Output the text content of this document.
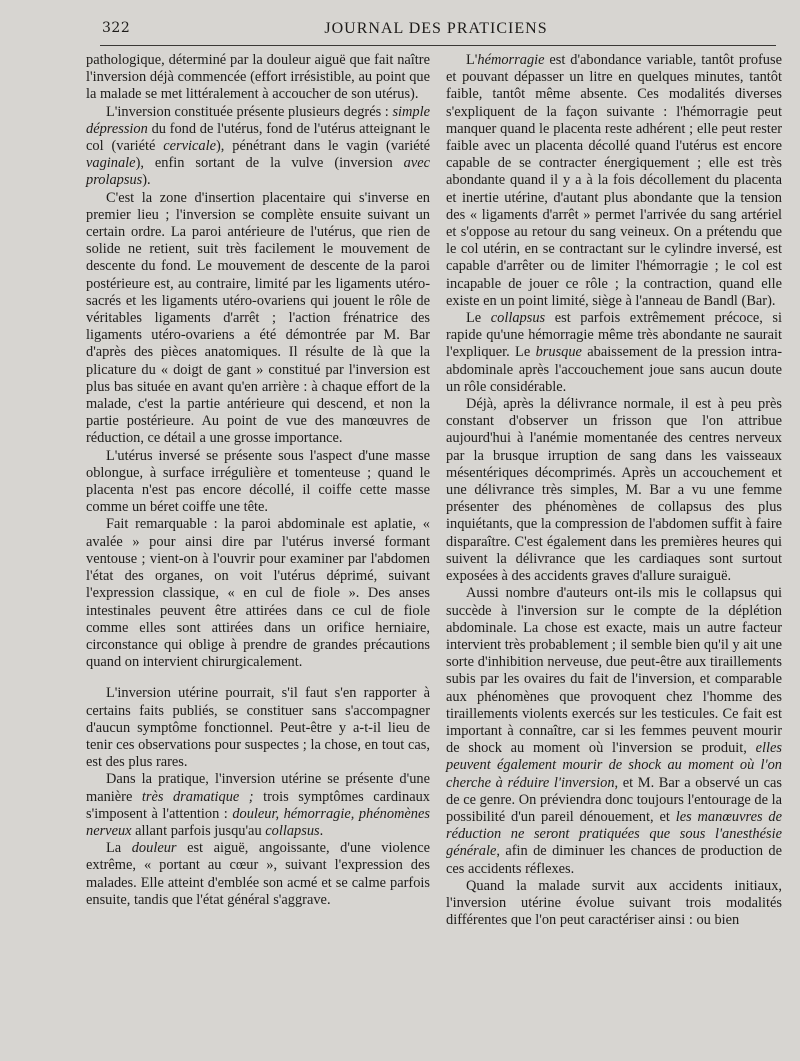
322	JOURNAL DES PRATICIENS

pathologique, déterminé par la douleur aiguë que fait naître l'inversion déjà commencée (effort irrésistible, au point que la malade se met littéralement à accoucher de son utérus).

L'inversion constituée présente plusieurs degrés : simple dépression du fond de l'utérus, fond de l'utérus atteignant le col (variété cervicale), pénétrant dans le vagin (variété vaginale), enfin sortant de la vulve (inversion avec prolapsus).

C'est la zone d'insertion placentaire qui s'inverse en premier lieu ; l'inversion se complète ensuite suivant un certain ordre. La paroi antérieure de l'utérus, que rien de solide ne retient, suit très facilement le mouvement de descente du fond. Le mouvement de descente de la paroi postérieure est, au contraire, limité par les ligaments utéro-sacrés et les ligaments utéro-ovariens qui jouent le rôle de véritables ligaments d'arrêt ; l'action frénatrice des ligaments utéro-ovariens a été démontrée par M. Bar d'après des pièces anatomiques. Il résulte de là que la plicature du « doigt de gant » constitué par l'inversion est plus bas située en avant qu'en arrière : à chaque effort de la malade, c'est la partie antérieure qui descend, et non la partie postérieure. Au point de vue des manœuvres de réduction, ce détail a une grosse importance.

L'utérus inversé se présente sous l'aspect d'une masse oblongue, à surface irrégulière et tomenteuse ; quand le placenta n'est pas encore décollé, il coiffe cette masse comme un béret coiffe une tête.

Fait remarquable : la paroi abdominale est aplatie, « avalée » pour ainsi dire par l'utérus inversé formant ventouse ; vient-on à l'ouvrir pour examiner par l'abdomen l'état des organes, on voit l'utérus déprimé, suivant l'expression classique, « en cul de fiole ». Des anses intestinales peuvent être attirées dans ce cul de fiole comme elles sont attirées dans un orifice herniaire, circonstance qui oblige à prendre de grandes précautions quand on intervient chirurgicalement.

L'inversion utérine pourrait, s'il faut s'en rapporter à certains faits publiés, se constituer sans s'accompagner d'aucun symptôme fonctionnel. Peut-être y a-t-il lieu de tenir ces observations pour suspectes ; la chose, en tout cas, est des plus rares.

Dans la pratique, l'inversion utérine se présente d'une manière très dramatique ; trois symptômes cardinaux s'imposent à l'attention : douleur, hémorragie, phénomènes nerveux allant parfois jusqu'au collapsus.

La douleur est aiguë, angoissante, d'une violence extrême, « portant au cœur », suivant l'expression des malades. Elle atteint d'emblée son acmé et se calme parfois ensuite, tandis que l'état général s'aggrave.

L'hémorragie est d'abondance variable, tantôt profuse et pouvant dépasser un litre en quelques minutes, tantôt faible, tantôt même absente. Ces modalités diverses s'expliquent de la façon suivante : l'hémorragie peut manquer quand le placenta reste adhérent ; elle peut rester faible avec un placenta décollé quand l'utérus est encore capable de se contracter énergiquement ; elle est très abondante quand il y a à la fois décollement du placenta et inertie utérine, d'autant plus abondante que la tension des « ligaments d'arrêt » permet l'arrivée du sang artériel et s'oppose au retour du sang veineux. On a prétendu que le col utérin, en se contractant sur le cylindre inversé, est capable d'arrêter ou de limiter l'hémorragie ; le col est incapable de jouer ce rôle ; la contraction, quand elle existe en un point limité, siège à l'anneau de Bandl (Bar).

Le collapsus est parfois extrêmement précoce, si rapide qu'une hémorragie même très abondante ne saurait l'expliquer. Le brusque abaissement de la pression intra-abdominale après l'accouchement joue sans aucun doute un rôle considérable.

Déjà, après la délivrance normale, il est à peu près constant d'observer un frisson que l'on attribue aujourd'hui à l'anémie momentanée des centres nerveux par la brusque irruption de sang dans les vaisseaux mésentériques décomprimés. Après un accouchement et une délivrance très simples, M. Bar a vu une femme présenter des phénomènes de collapsus des plus inquiétants, que la compression de l'abdomen suffit à faire disparaître. C'est également dans les premières heures qui suivent la délivrance que les cardiaques sont surtout exposées à des accidents graves d'allure suraiguë.

Aussi nombre d'auteurs ont-ils mis le collapsus qui succède à l'inversion sur le compte de la déplétion abdominale. La chose est exacte, mais un autre facteur intervient très probablement ; il semble bien qu'il y ait une sorte d'inhibition nerveuse, due peut-être aux tiraillements subis par les ovaires du fait de l'inversion, et comparable aux phénomènes que provoquent chez l'homme des tiraillements violents exercés sur les testicules. Ce fait est important à connaître, car si les femmes peuvent mourir de shock au moment où l'inversion se produit, elles peuvent également mourir de shock au moment où l'on cherche à réduire l'inversion, et M. Bar a observé un cas de ce genre. On préviendra donc toujours l'entourage de la possibilité d'un pareil dénouement, et les manœuvres de réduction ne seront pratiquées que sous l'anesthésie générale, afin de diminuer les chances de production de ces accidents réflexes.

Quand la malade survit aux accidents initiaux, l'inversion utérine évolue suivant trois modalités différentes que l'on peut caractériser ainsi : ou bien
